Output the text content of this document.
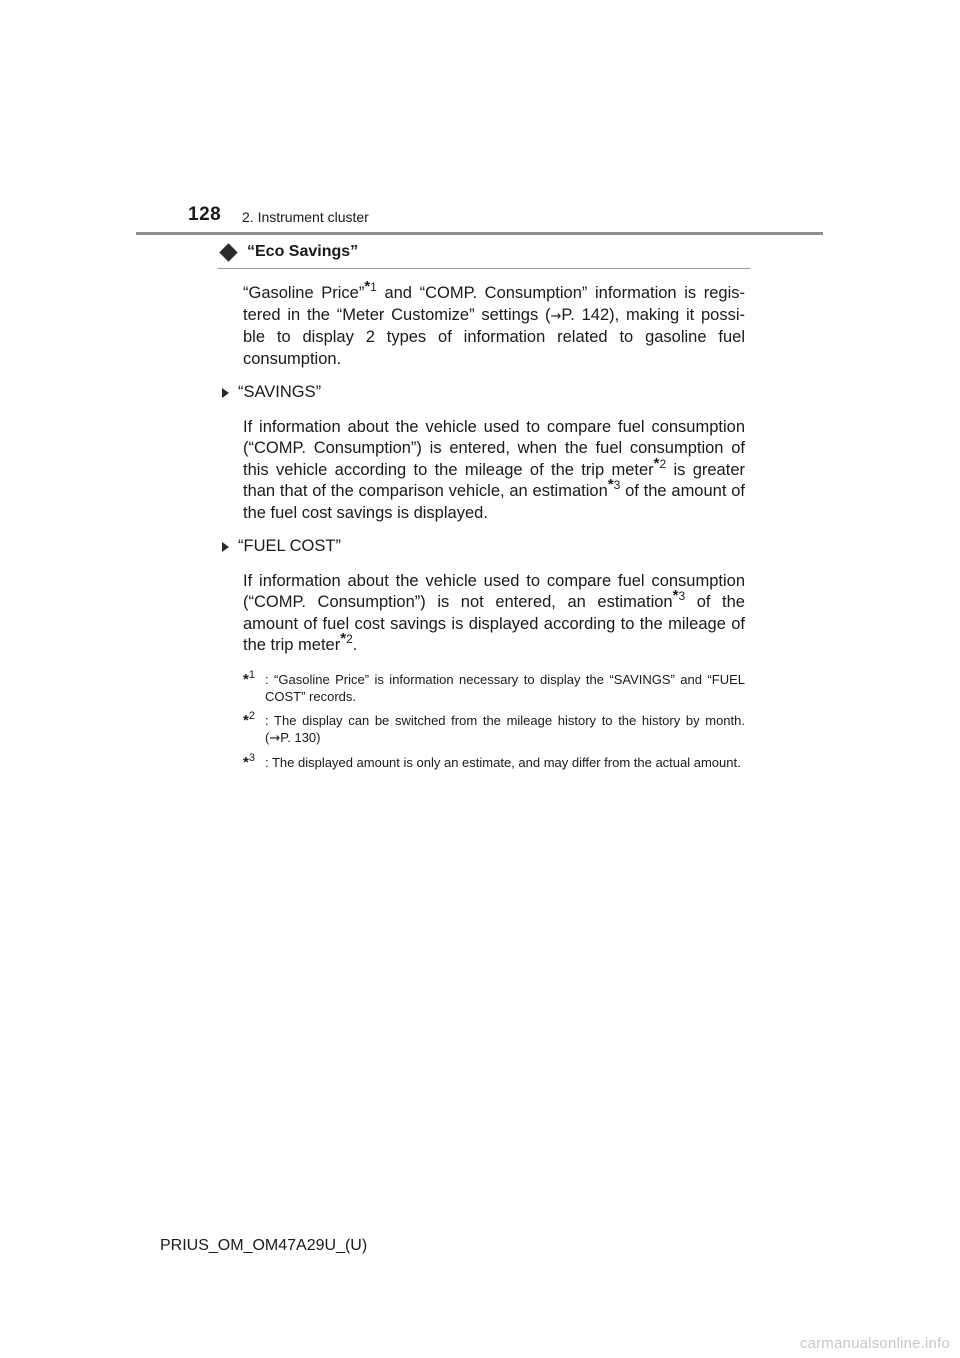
128 2. Instrument cluster
“Eco Savings”
“Gasoline Price”$^{*1}$ and “COMP. Consumption” information is regis-tered in the “Meter Customize” settings (→P. 142), making it possi-ble to display 2 types of information related to gasoline fuel consumption.
“SAVINGS”
If information about the vehicle used to compare fuel consumption (“COMP. Consumption”) is entered, when the fuel consumption of this vehicle according to the mileage of the trip meter$^{*2}$ is greater than that of the comparison vehicle, an estimation$^{*3}$ of the amount of the fuel cost savings is displayed.
“FUEL COST”
If information about the vehicle used to compare fuel consumption (“COMP. Consumption”) is not entered, an estimation$^{*3}$ of the amount of fuel cost savings is displayed according to the mileage of the trip meter$^{*2}$.
*$^1$ : “Gasoline Price” is information necessary to display the “SAVINGS” and “FUEL COST” records.
*$^2$ : The display can be switched from the mileage history to the history by month. (→P. 130)
*$^3$ : The displayed amount is only an estimate, and may differ from the actual amount.
PRIUS_OM_OM47A29U_(U)
carmanualsonline.info
